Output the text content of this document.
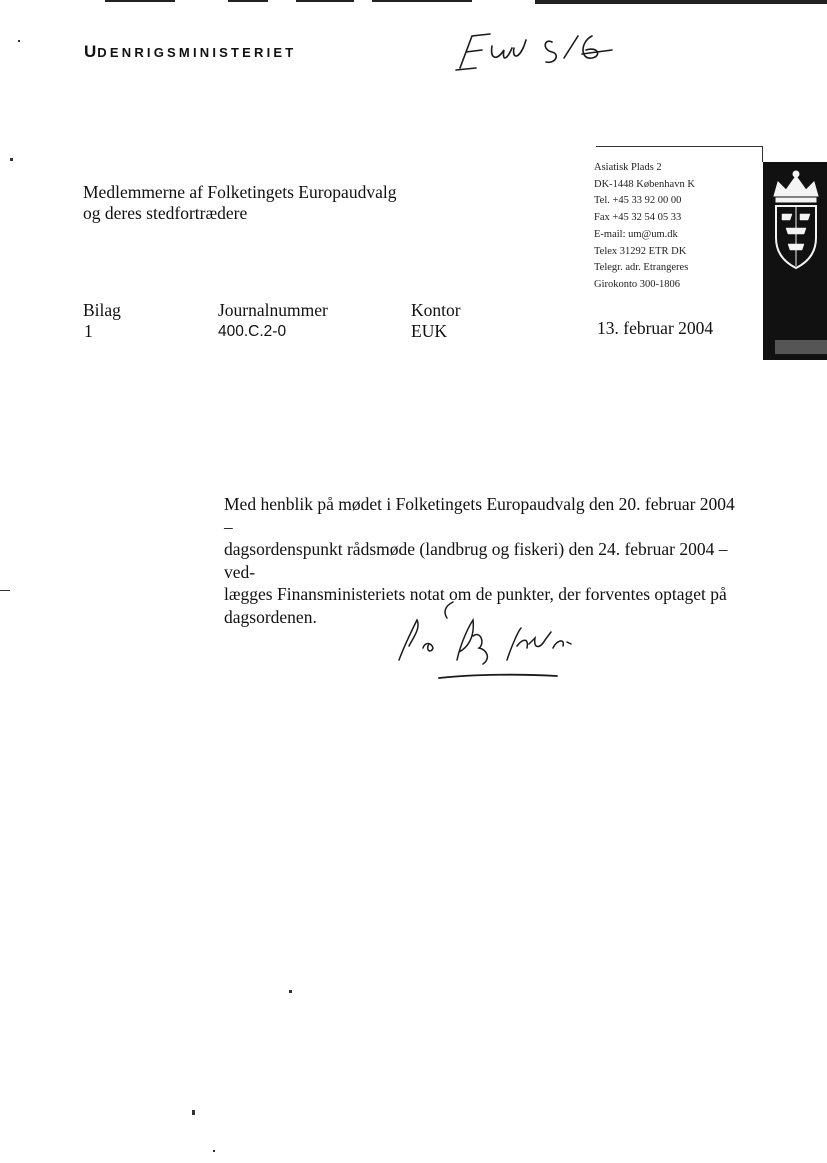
UDENRIGSMINISTERIET
Asiatisk Plads 2
DK-1448 København K
Tel. +45 33 92 00 00
Fax +45 32 54 05 33
E-mail: um@um.dk
Telex 31292 ETR DK
Telegr. adr. Etrangeres
Girokonto 300-1806
Medlemmerne af Folketingets Europaudvalg
og deres stedfortrædere
Bilag
1
Journalnummer
400.C.2-0
Kontor
EUK	13. februar 2004
Med henblik på mødet i Folketingets Europaudvalg den 20. februar 2004 –
dagsordenspunkt rådsmøde (landbrug og fiskeri) den 24. februar 2004 – ved-
lægges Finansministeriets notat om de punkter, der forventes optaget på
dagsordenen.
